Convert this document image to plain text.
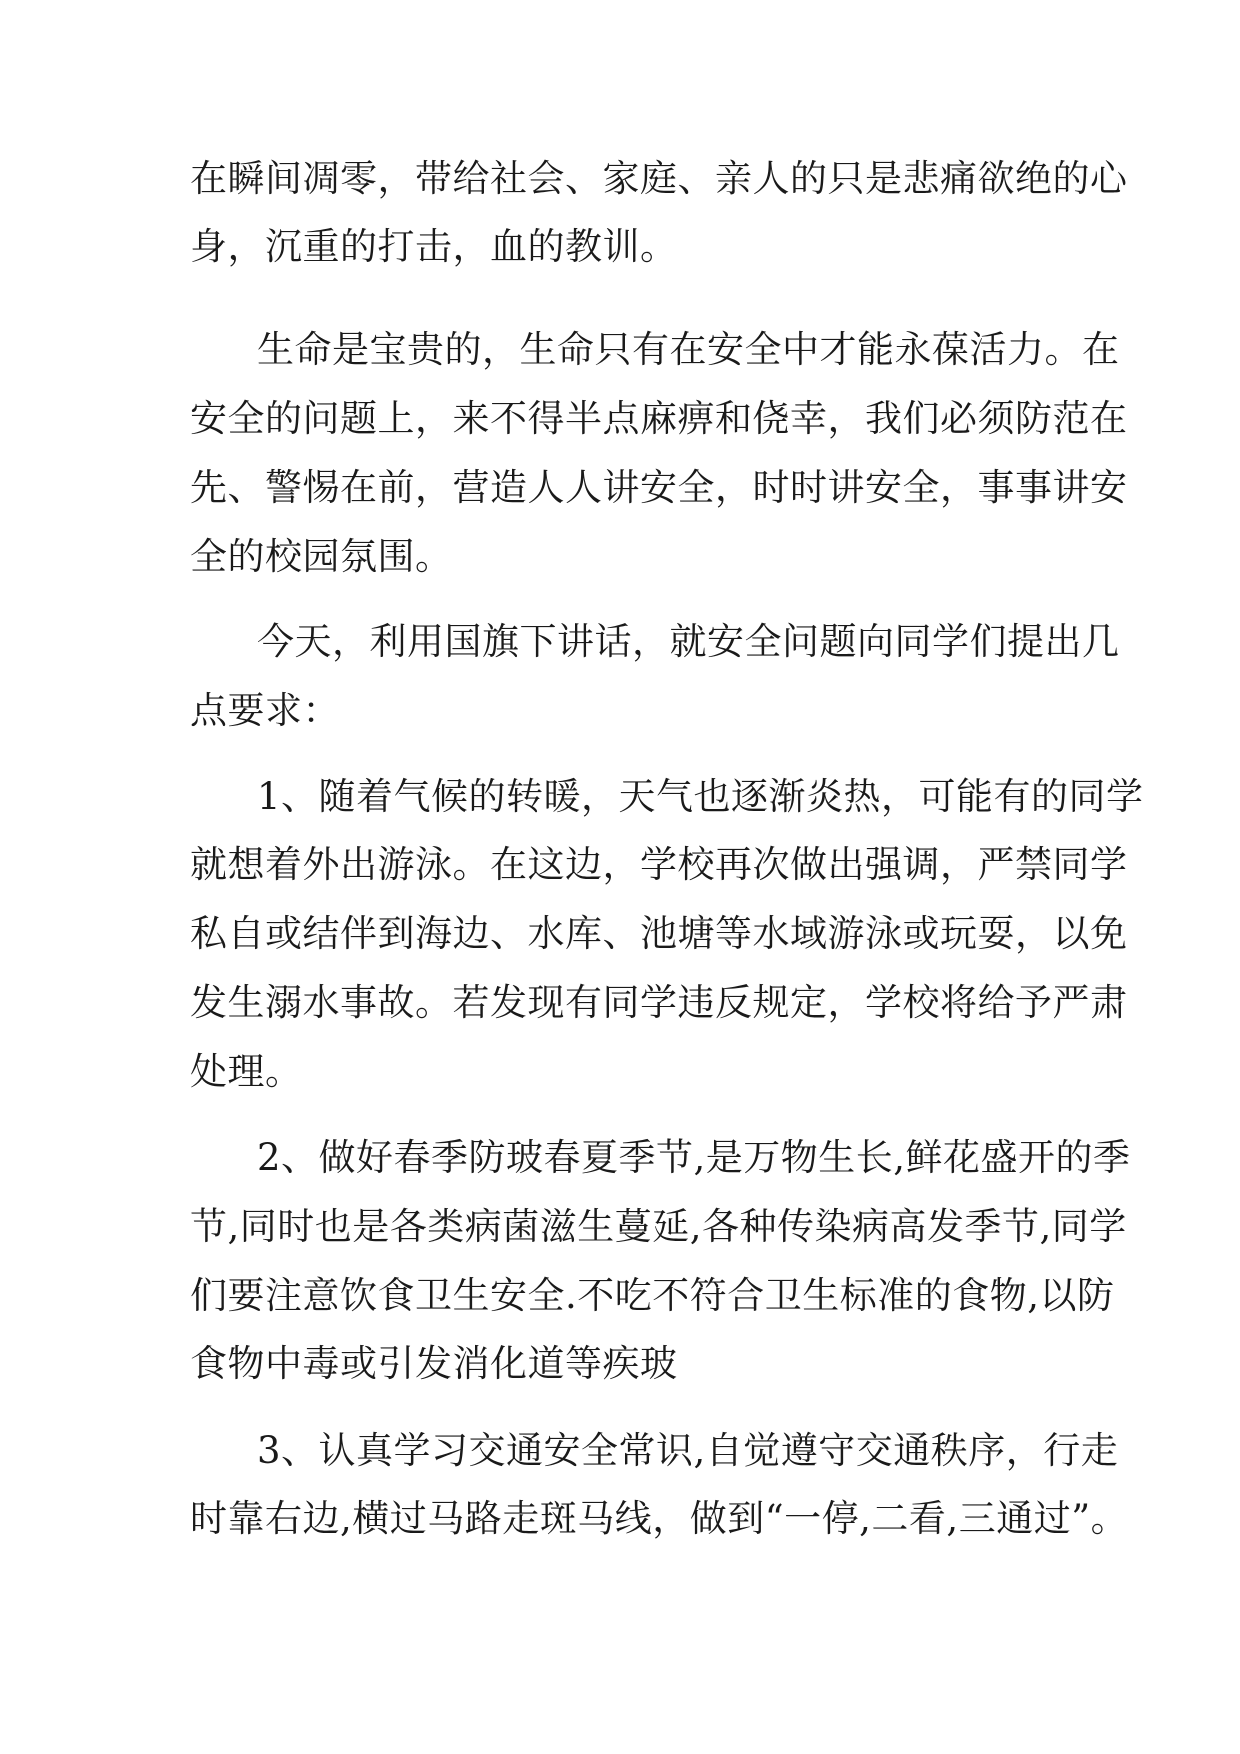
在瞬间凋零，带给社会、家庭、亲人的只是悲痛欲绝的心
身，沉重的打击，血的教训。
生命是宝贵的，生命只有在安全中才能永葆活力。在
安全的问题上，来不得半点麻痹和侥幸，我们必须防范在
先、警惕在前，营造人人讲安全，时时讲安全，事事讲安
全的校园氛围。
今天，利用国旗下讲话，就安全问题向同学们提出几
点要求：
1、随着气候的转暖，天气也逐渐炎热，可能有的同学
就想着外出游泳。在这边，学校再次做出强调，严禁同学
私自或结伴到海边、水库、池塘等水域游泳或玩耍，以免
发生溺水事故。若发现有同学违反规定，学校将给予严肃
处理。
2、做好春季防玻春夏季节,是万物生长,鲜花盛开的季
节,同时也是各类病菌滋生蔓延,各种传染病高发季节,同学
们要注意饮食卫生安全.不吃不符合卫生标准的食物,以防
食物中毒或引发消化道等疾玻
3、认真学习交通安全常识,自觉遵守交通秩序，行走
时靠右边,横过马路走斑马线，做到“一停,二看,三通过”。
